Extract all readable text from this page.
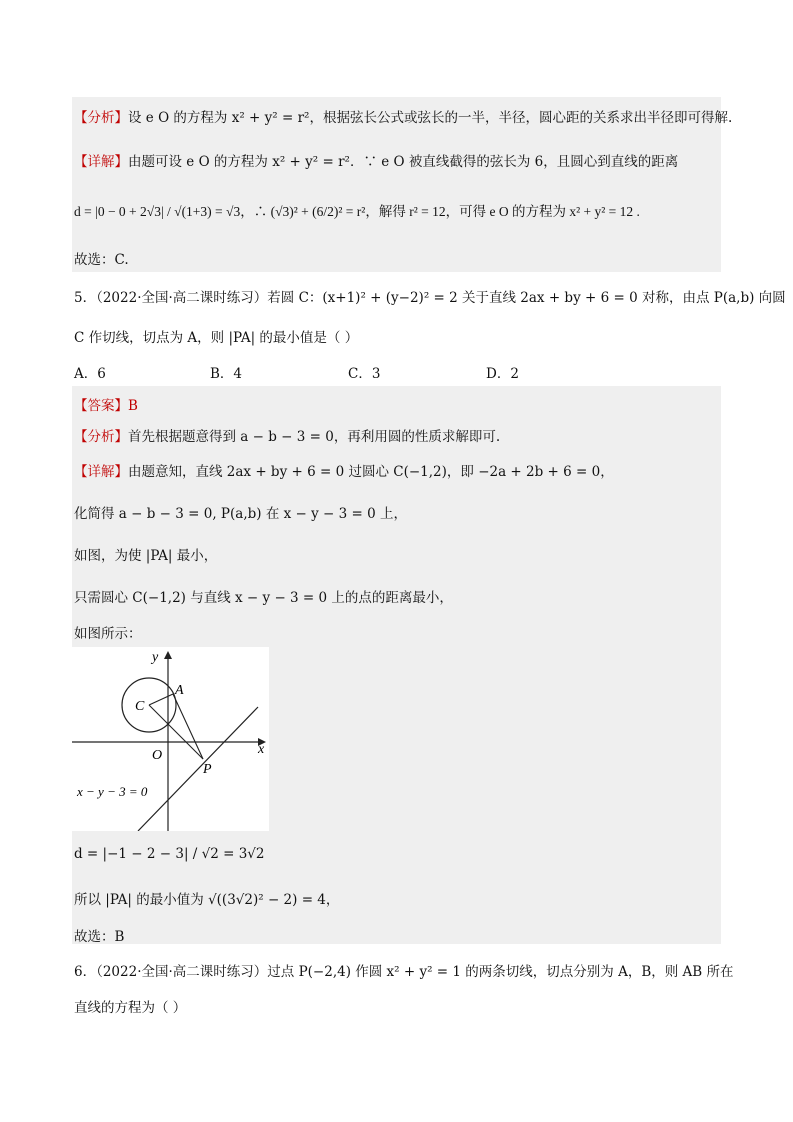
【分析】设 e O 的方程为 x² + y² = r²，根据弦长公式或弦长的一半，半径，圆心距的关系求出半径即可得解.
【详解】由题可设 e O 的方程为 x² + y² = r²．∵ e O 被直线截得的弦长为 6，且圆心到直线的距离
d = |0 − 0 + 2√3| / √(1+3) = √3，∴ (√3)² + (6/2)² = r²，解得 r² = 12，可得 e O 的方程为 x² + y² = 12 .
故选：C.
5．（2022·全国·高二课时练习）若圆 C：(x+1)² + (y−2)² = 2 关于直线 2ax + by + 6 = 0 对称，由点 P(a,b) 向圆
C 作切线，切点为 A，则 |PA| 的最小值是（ ）
A．6	B．4	C．3	D．2
【答案】B
【分析】首先根据题意得到 a − b − 3 = 0，再利用圆的性质求解即可.
【详解】由题意知，直线 2ax + by + 6 = 0 过圆心 C(−1,2)，即 −2a + 2b + 6 = 0，
化简得 a − b − 3 = 0, P(a,b) 在 x − y − 3 = 0 上，
如图，为使 |PA| 最小，
只需圆心 C(−1,2) 与直线 x − y − 3 = 0 上的点的距离最小，
如图所示：
y
x
O
C
A
P
x − y − 3 = 0
d = |−1 − 2 − 3| / √2 = 3√2
所以 |PA| 的最小值为 √((3√2)² − 2) = 4，
故选：B
6．（2022·全国·高二课时练习）过点 P(−2,4) 作圆 x² + y² = 1 的两条切线，切点分别为 A，B，则 AB 所在
直线的方程为（ ）
